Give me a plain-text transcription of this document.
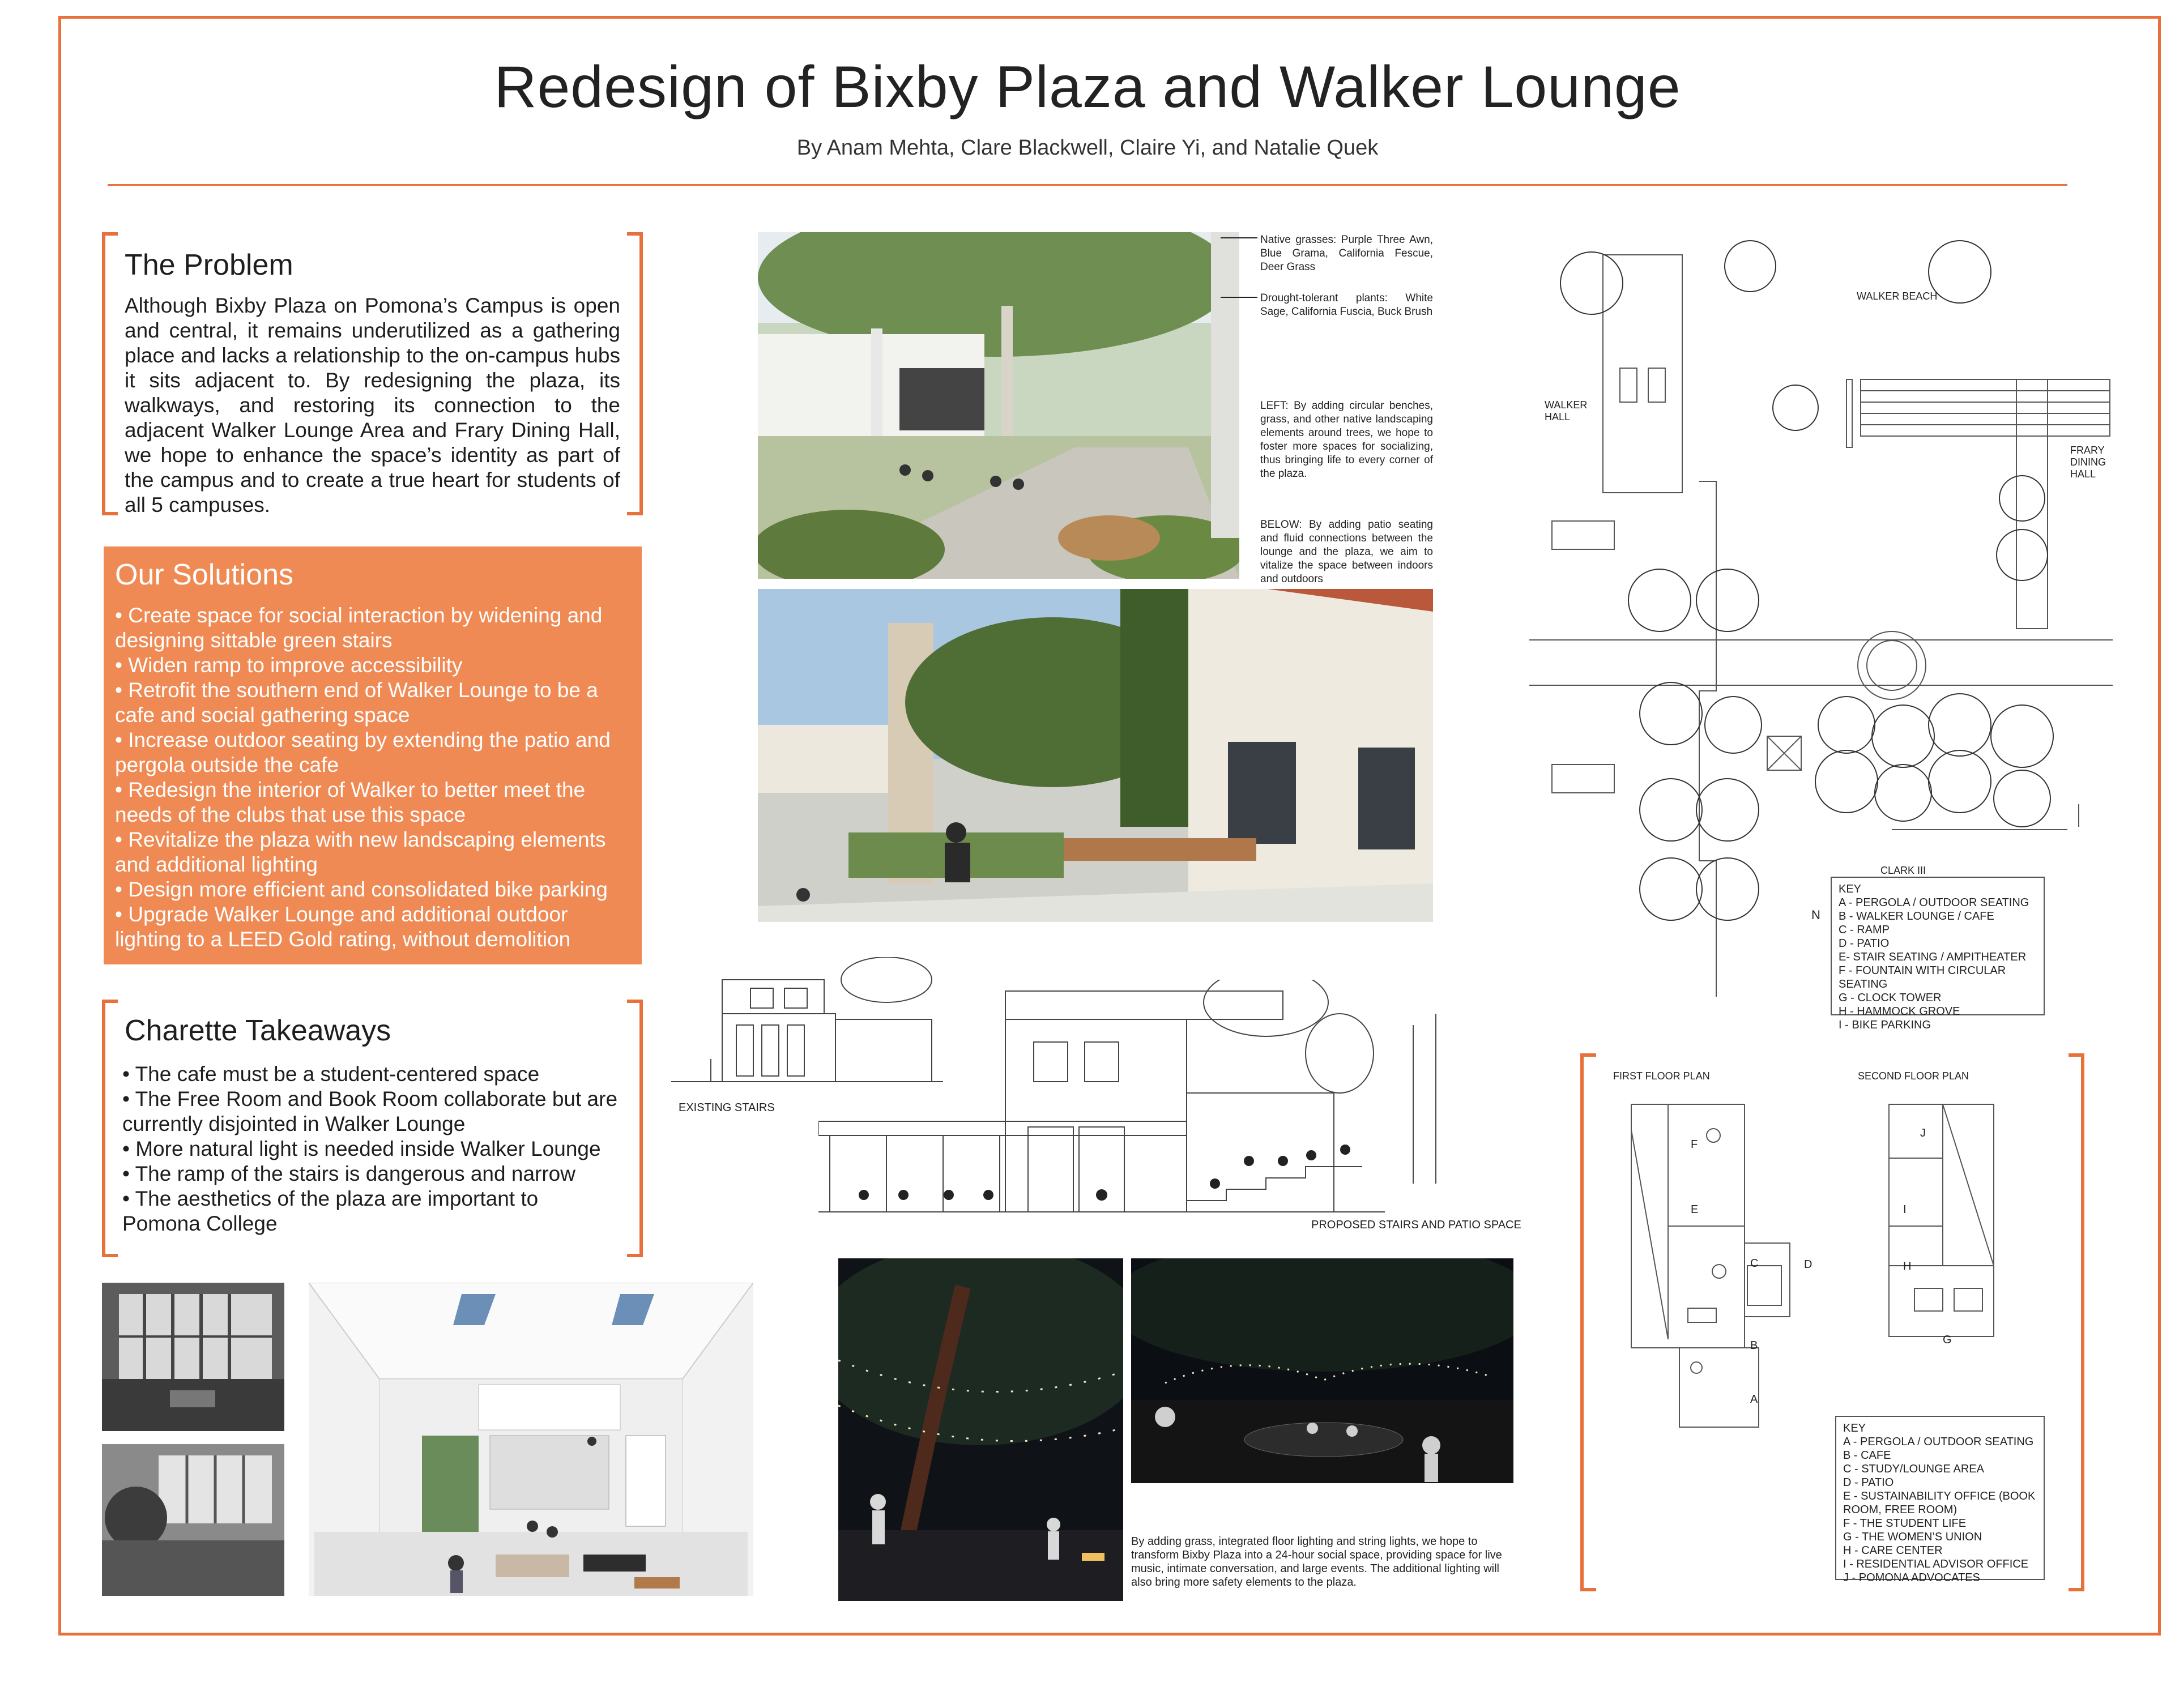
Redesign of Bixby Plaza and Walker Lounge
By Anam Mehta, Clare Blackwell, Claire Yi, and Natalie Quek
The Problem
Although Bixby Plaza on Pomona’s Campus is open and central, it remains underutilized as a gathering place and lacks a relationship to the on-campus hubs it sits adjacent to. By redesigning the plaza, its walkways, and restoring its connection to the adjacent Walker Lounge Area and Frary Dining Hall, we hope to enhance the space’s identity as part of the campus and to create a true heart for students of all 5 campuses.
Our Solutions
• Create space for social interaction by widening and designing sittable green stairs
• Widen ramp to improve accessibility
• Retrofit the southern end of Walker Lounge to be a cafe and social gathering space
• Increase outdoor seating by extending the patio and pergola outside the cafe
• Redesign the interior of Walker to better meet the needs of the clubs that use this space
• Revitalize the plaza with new landscaping elements and additional lighting
• Design more efficient and consolidated bike parking
• Upgrade Walker Lounge and additional outdoor lighting to a LEED Gold rating, without demolition
Charette Takeaways
• The cafe must be a student-centered space
• The Free Room and Book Room collaborate but are currently disjointed in Walker Lounge
• More natural light is needed inside Walker Lounge
• The ramp of the stairs is dangerous and narrow
• The aesthetics of the plaza are important to Pomona College
Native grasses: Purple Three Awn, Blue Grama, California Fescue, Deer Grass
Drought-tolerant plants: White Sage, California Fuscia, Buck Brush
LEFT: By adding circular benches, grass, and other native landscaping elements around trees, we hope to foster more spaces for socializing, thus bringing life to every corner of the plaza.
BELOW: By adding patio seating and fluid connections between the lounge and the plaza, we aim to vitalize the space between indoors and outdoors
EXISTING STAIRS
PROPOSED STAIRS AND PATIO SPACE
By adding grass, integrated floor lighting and string lights, we hope to transform Bixby Plaza into a 24-hour social space, providing space for live music, intimate conversation, and large events. The additional lighting will also bring more safety elements to the plaza.
WALKER BEACH
WALKER HALL
FRARY DINING HALL
CLARK III
N
KEY
A - PERGOLA / OUTDOOR SEATING
B - WALKER LOUNGE / CAFE
C - RAMP
D - PATIO
E- STAIR SEATING / AMPITHEATER
F - FOUNTAIN WITH CIRCULAR SEATING
G - CLOCK TOWER
H - HAMMOCK GROVE
I - BIKE PARKING
FIRST FLOOR PLAN	SECOND FLOOR PLAN
F
E
C	D
B
A
J
I
H
G
KEY
A - PERGOLA / OUTDOOR SEATING
B - CAFE
C - STUDY/LOUNGE AREA
D - PATIO
E - SUSTAINABILITY OFFICE (BOOK ROOM, FREE ROOM)
F - THE STUDENT LIFE
G - THE WOMEN’S UNION
H - CARE CENTER
I - RESIDENTIAL ADVISOR OFFICE
J - POMONA ADVOCATES
